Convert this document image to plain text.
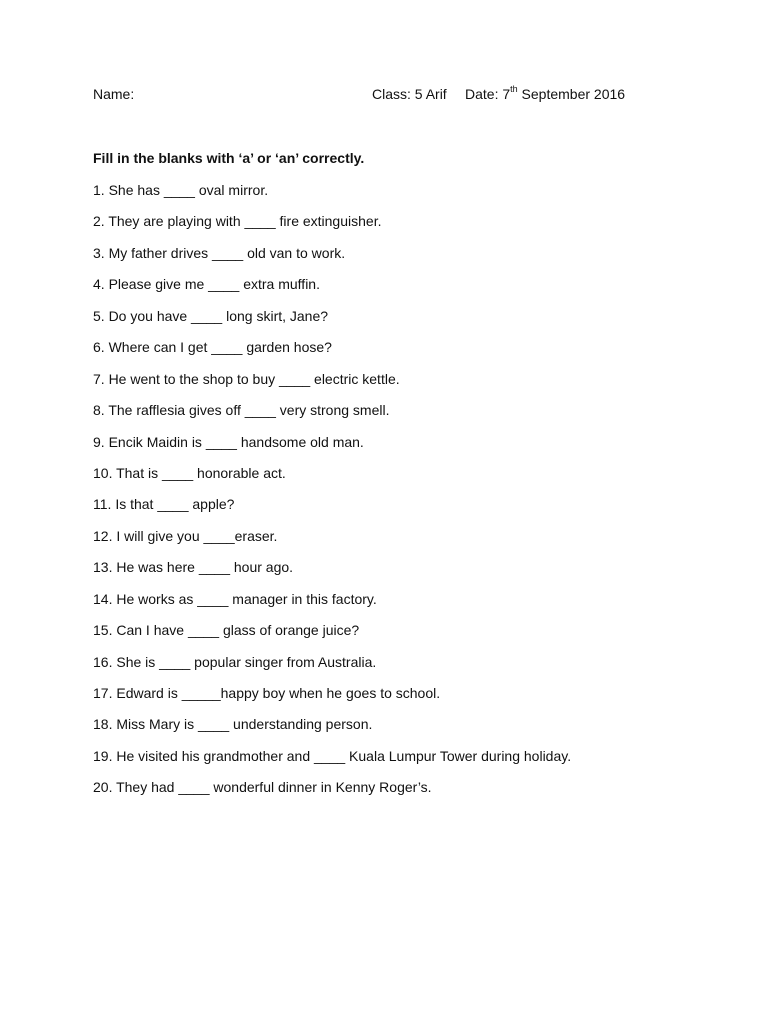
Name:	Class: 5 Arif Date: 7th September 2016
Fill in the blanks with ‘a’ or ‘an’ correctly.
1. She has ____ oval mirror.
2. They are playing with ____ fire extinguisher.
3. My father drives ____ old van to work.
4. Please give me ____ extra muffin.
5. Do you have ____ long skirt, Jane?
6. Where can I get ____ garden hose?
7. He went to the shop to buy ____ electric kettle.
8. The rafflesia gives off ____ very strong smell.
9. Encik Maidin is ____ handsome old man.
10. That is ____ honorable act.
11. Is that ____ apple?
12. I will give you ____eraser.
13. He was here ____ hour ago.
14. He works as ____ manager in this factory.
15. Can I have ____ glass of orange juice?
16. She is ____ popular singer from Australia.
17. Edward is _____happy boy when he goes to school.
18. Miss Mary is ____ understanding person.
19. He visited his grandmother and ____ Kuala Lumpur Tower during holiday.
20. They had ____ wonderful dinner in Kenny Roger’s.
